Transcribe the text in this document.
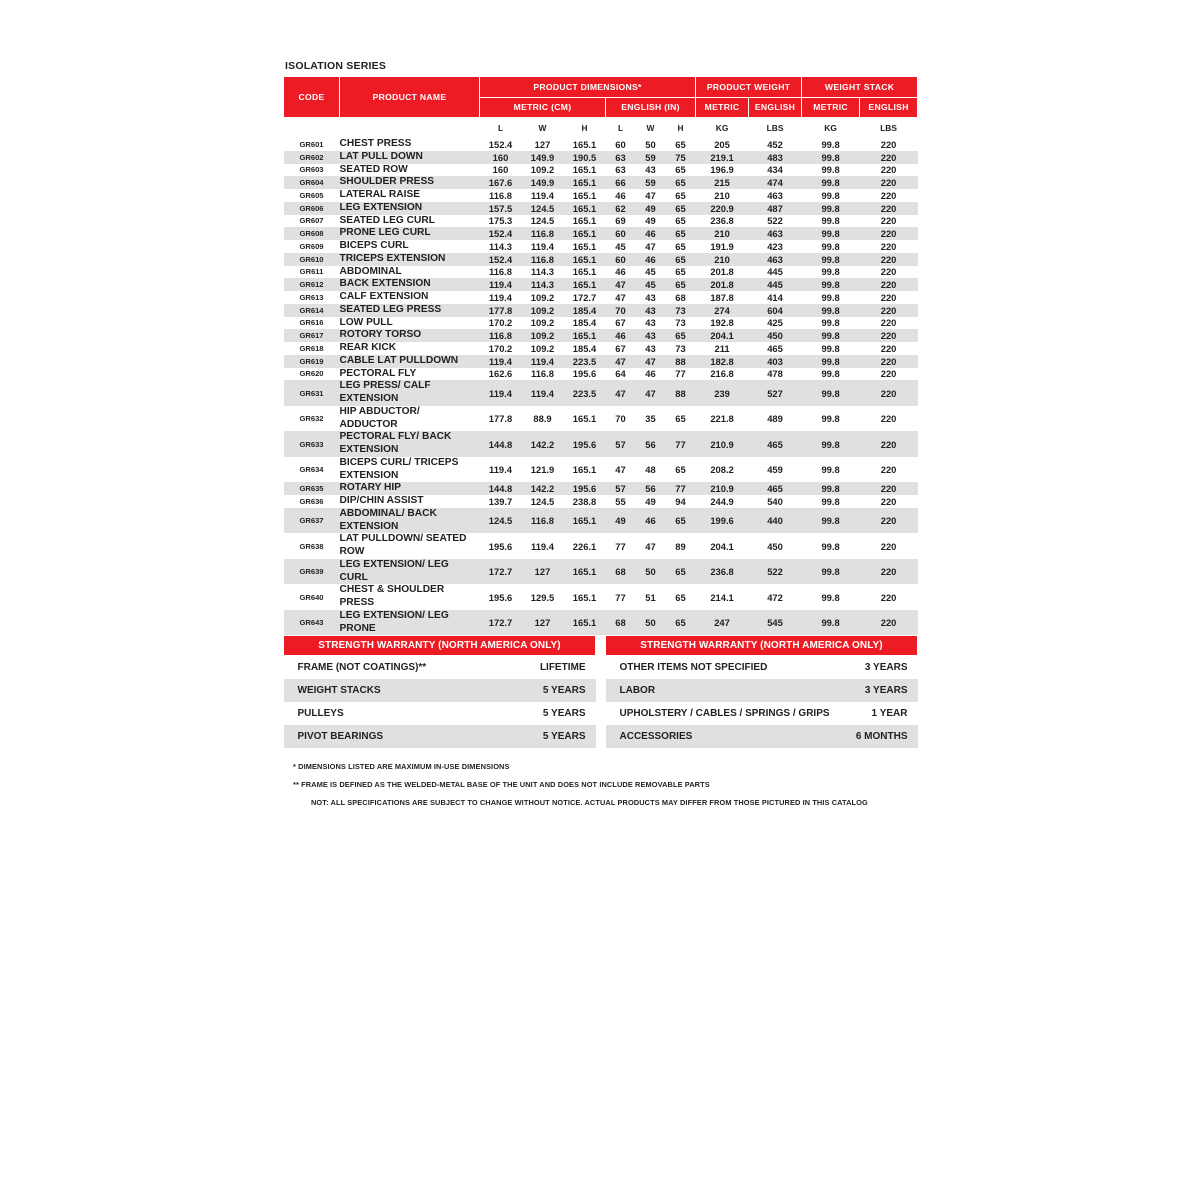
ISOLATION SERIES
CODE	PRODUCT NAME	PRODUCT DIMENSIONS*						PRODUCT WEIGHT		WEIGHT STACK	
		METRIC (CM)			ENGLISH (IN)			METRIC	ENGLISH	METRIC	ENGLISH
		L	W	H	L	W	H	KG	LBS	KG	LBS
GR601	CHEST PRESS	152.4	127	165.1	60	50	65	205	452	99.8	220
GR602	LAT PULL DOWN	160	149.9	190.5	63	59	75	219.1	483	99.8	220
GR603	SEATED ROW	160	109.2	165.1	63	43	65	196.9	434	99.8	220
GR604	SHOULDER PRESS	167.6	149.9	165.1	66	59	65	215	474	99.8	220
GR605	LATERAL RAISE	116.8	119.4	165.1	46	47	65	210	463	99.8	220
GR606	LEG EXTENSION	157.5	124.5	165.1	62	49	65	220.9	487	99.8	220
GR607	SEATED LEG CURL	175.3	124.5	165.1	69	49	65	236.8	522	99.8	220
GR608	PRONE LEG CURL	152.4	116.8	165.1	60	46	65	210	463	99.8	220
GR609	BICEPS CURL	114.3	119.4	165.1	45	47	65	191.9	423	99.8	220
GR610	TRICEPS EXTENSION	152.4	116.8	165.1	60	46	65	210	463	99.8	220
GR611	ABDOMINAL	116.8	114.3	165.1	46	45	65	201.8	445	99.8	220
GR612	BACK EXTENSION	119.4	114.3	165.1	47	45	65	201.8	445	99.8	220
GR613	CALF EXTENSION	119.4	109.2	172.7	47	43	68	187.8	414	99.8	220
GR614	SEATED LEG PRESS	177.8	109.2	185.4	70	43	73	274	604	99.8	220
GR616	LOW PULL	170.2	109.2	185.4	67	43	73	192.8	425	99.8	220
GR617	ROTORY TORSO	116.8	109.2	165.1	46	43	65	204.1	450	99.8	220
GR618	REAR KICK	170.2	109.2	185.4	67	43	73	211	465	99.8	220
GR619	CABLE LAT PULLDOWN	119.4	119.4	223.5	47	47	88	182.8	403	99.8	220
GR620	PECTORAL FLY	162.6	116.8	195.6	64	46	77	216.8	478	99.8	220
GR631	LEG PRESS/ CALF EXTENSION	119.4	119.4	223.5	47	47	88	239	527	99.8	220
GR632	HIP ABDUCTOR/ ADDUCTOR	177.8	88.9	165.1	70	35	65	221.8	489	99.8	220
GR633	PECTORAL FLY/ BACK EXTENSION	144.8	142.2	195.6	57	56	77	210.9	465	99.8	220
GR634	BICEPS CURL/ TRICEPS EXTENSION	119.4	121.9	165.1	47	48	65	208.2	459	99.8	220
GR635	ROTARY HIP	144.8	142.2	195.6	57	56	77	210.9	465	99.8	220
GR636	DIP/CHIN ASSIST	139.7	124.5	238.8	55	49	94	244.9	540	99.8	220
GR637	ABDOMINAL/ BACK EXTENSION	124.5	116.8	165.1	49	46	65	199.6	440	99.8	220
GR638	LAT PULLDOWN/ SEATED ROW	195.6	119.4	226.1	77	47	89	204.1	450	99.8	220
GR639	LEG EXTENSION/ LEG CURL	172.7	127	165.1	68	50	65	236.8	522	99.8	220
GR640	CHEST & SHOULDER PRESS	195.6	129.5	165.1	77	51	65	214.1	472	99.8	220
GR643	LEG EXTENSION/ LEG PRONE	172.7	127	165.1	68	50	65	247	545	99.8	220
STRENGTH WARRANTY (NORTH AMERICA ONLY)		STRENGTH WARRANTY (NORTH AMERICA ONLY)

FRAME (NOT COATINGS)** LIFETIME		OTHER ITEMS NOT SPECIFIED 3 YEARS

WEIGHT STACKS 5 YEARS		LABOR 3 YEARS

PULLEYS 5 YEARS		UPHOLSTERY / CABLES / SPRINGS / GRIPS 1 YEAR

PIVOT BEARINGS 5 YEARS		ACCESSORIES 6 MONTHS
* DIMENSIONS LISTED ARE MAXIMUM IN-USE DIMENSIONS
** FRAME IS DEFINED AS THE WELDED-METAL BASE OF THE UNIT AND DOES NOT INCLUDE REMOVABLE PARTS
NOT: ALL SPECIFICATIONS ARE SUBJECT TO CHANGE WITHOUT NOTICE. ACTUAL PRODUCTS MAY DIFFER FROM THOSE PICTURED IN THIS CATALOG
